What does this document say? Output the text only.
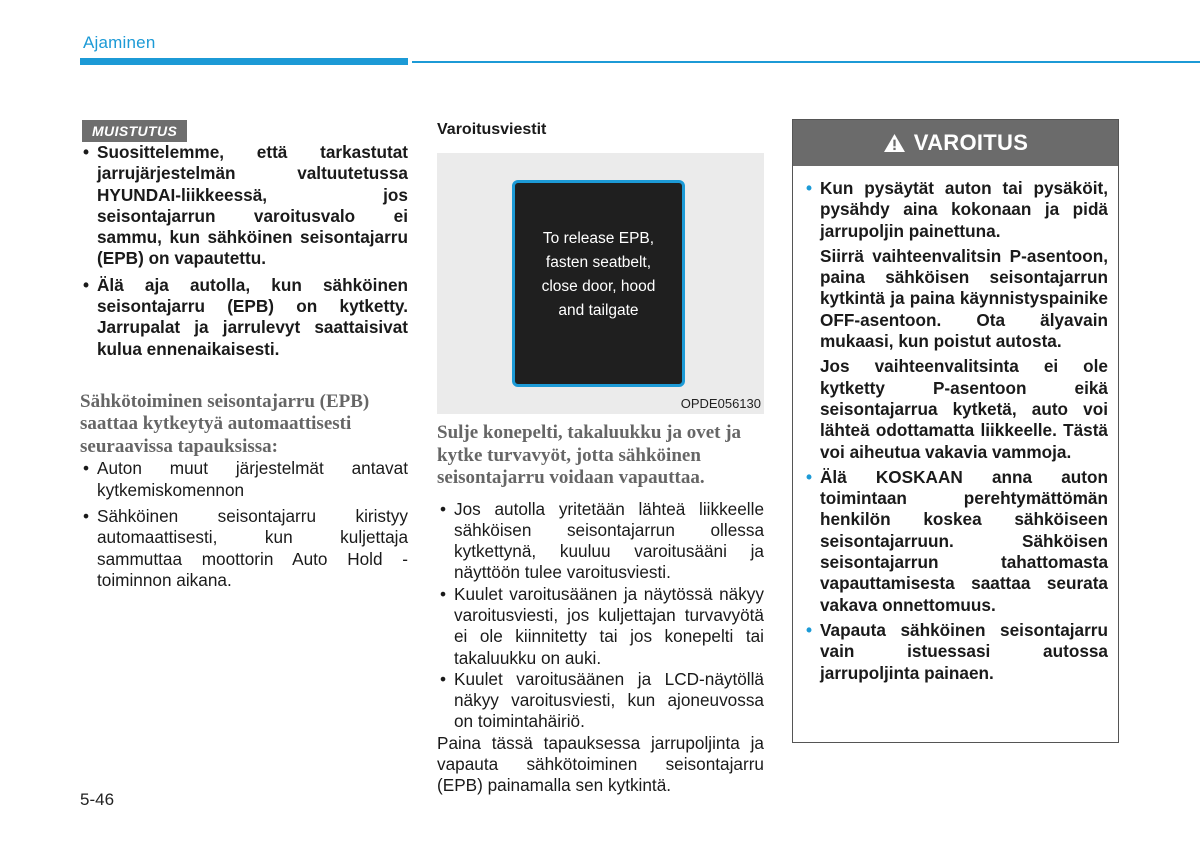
Ajaminen
MUISTUTUS
• Suosittelemme, että tarkastutat jarrujärjestelmän valtuutetussa HYUNDAI-liikkeessä, jos seisontajarrun varoitusvalo ei sammu, kun sähköinen seisontajarru (EPB) on vapautettu.
• Älä aja autolla, kun sähköinen seisontajarru (EPB) on kytketty. Jarrupalat ja jarrulevyt saattaisivat kulua ennenaikaisesti.
Sähkötoiminen seisontajarru (EPB) saattaa kytkeytyä automaattisesti seuraavissa tapauksissa:
• Auton muut järjestelmät antavat kytkemiskomennon
• Sähköinen seisontajarru kiristyy automaattisesti, kun kuljettaja sammuttaa moottorin Auto Hold -toiminnon aikana.
Varoitusviestit
To release EPB,
fasten seatbelt,
close door, hood
and tailgate
OPDE056130
Sulje konepelti, takaluukku ja ovet ja kytke turvavyöt, jotta sähköinen seisontajarru voidaan vapauttaa.
• Jos autolla yritetään lähteä liikkeelle sähköisen seisontajarrun ollessa kytkettynä, kuuluu varoitusääni ja näyttöön tulee varoitusviesti.
• Kuulet varoitusäänen ja näytössä näkyy varoitusviesti, jos kuljettajan turvavyötä ei ole kiinnitetty tai jos konepelti tai takaluukku on auki.
• Kuulet varoitusäänen ja LCD-näytöllä näkyy varoitusviesti, kun ajoneuvossa on toimintahäiriö.
Paina tässä tapauksessa jarrupoljinta ja vapauta sähkötoiminen seisontajarru (EPB) painamalla sen kytkintä.
VAROITUS

• Kun pysäytät auton tai pysäköit, pysähdy aina kokonaan ja pidä jarrupoljin painettuna.

Siirrä vaihteenvalitsin P-asentoon, paina sähköisen seisontajarrun kytkintä ja paina käynnistyspainike OFF-asentoon. Ota älyavain mukaasi, kun poistut autosta.

Jos vaihteenvalitsinta ei ole kytketty P-asentoon eikä seisontajarrua kytketä, auto voi lähteä odottamatta liikkeelle. Tästä voi aiheutua vakavia vammoja.

• Älä KOSKAAN anna auton toimintaan perehtymättömän henkilön koskea sähköiseen seisontajarruun. Sähköisen seisontajarrun tahattomasta vapauttamisesta saattaa seurata vakava onnettomuus.
• Vapauta sähköinen seisontajarru vain istuessasi autossa jarrupoljinta painaen.
5-46
